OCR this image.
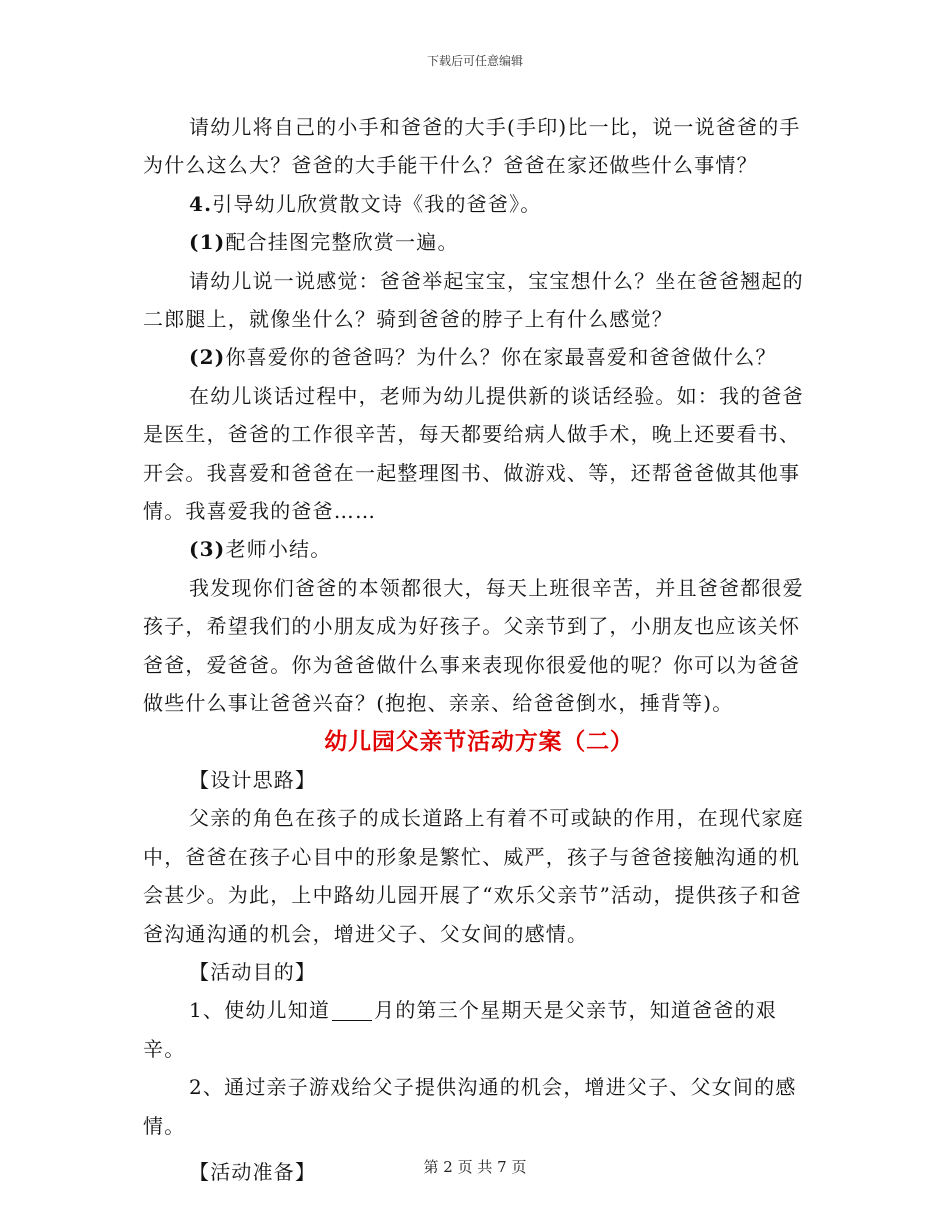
下载后可任意编辑

请幼儿将自己的小手和爸爸的大手(手印)比一比，说一说爸爸的手为什么这么大？爸爸的大手能干什么？爸爸在家还做些什么事情？

4.引导幼儿欣赏散文诗《我的爸爸》。

(1)配合挂图完整欣赏一遍。

请幼儿说一说感觉：爸爸举起宝宝，宝宝想什么？坐在爸爸翘起的二郎腿上，就像坐什么？骑到爸爸的脖子上有什么感觉？

(2)你喜爱你的爸爸吗？为什么？你在家最喜爱和爸爸做什么？

在幼儿谈话过程中，老师为幼儿提供新的谈话经验。如：我的爸爸是医生，爸爸的工作很辛苦，每天都要给病人做手术，晚上还要看书、开会。我喜爱和爸爸在一起整理图书、做游戏、等，还帮爸爸做其他事情。我喜爱我的爸爸……

(3)老师小结。

我发现你们爸爸的本领都很大，每天上班很辛苦，并且爸爸都很爱孩子，希望我们的小朋友成为好孩子。父亲节到了，小朋友也应该关怀爸爸，爱爸爸。你为爸爸做什么事来表现你很爱他的呢？你可以为爸爸做些什么事让爸爸兴奋？(抱抱、亲亲、给爸爸倒水，捶背等)。

幼儿园父亲节活动方案（二）

【设计思路】

父亲的角色在孩子的成长道路上有着不可或缺的作用，在现代家庭中，爸爸在孩子心目中的形象是繁忙、威严，孩子与爸爸接触沟通的机会甚少。为此，上中路幼儿园开展了“欢乐父亲节”活动，提供孩子和爸爸沟通沟通的机会，增进父子、父女间的感情。

【活动目的】

1、使幼儿知道 月的第三个星期天是父亲节，知道爸爸的艰辛。

2、通过亲子游戏给父子提供沟通的机会，增进父子、父女间的感情。

【活动准备】	第 2 页 共 7 页
